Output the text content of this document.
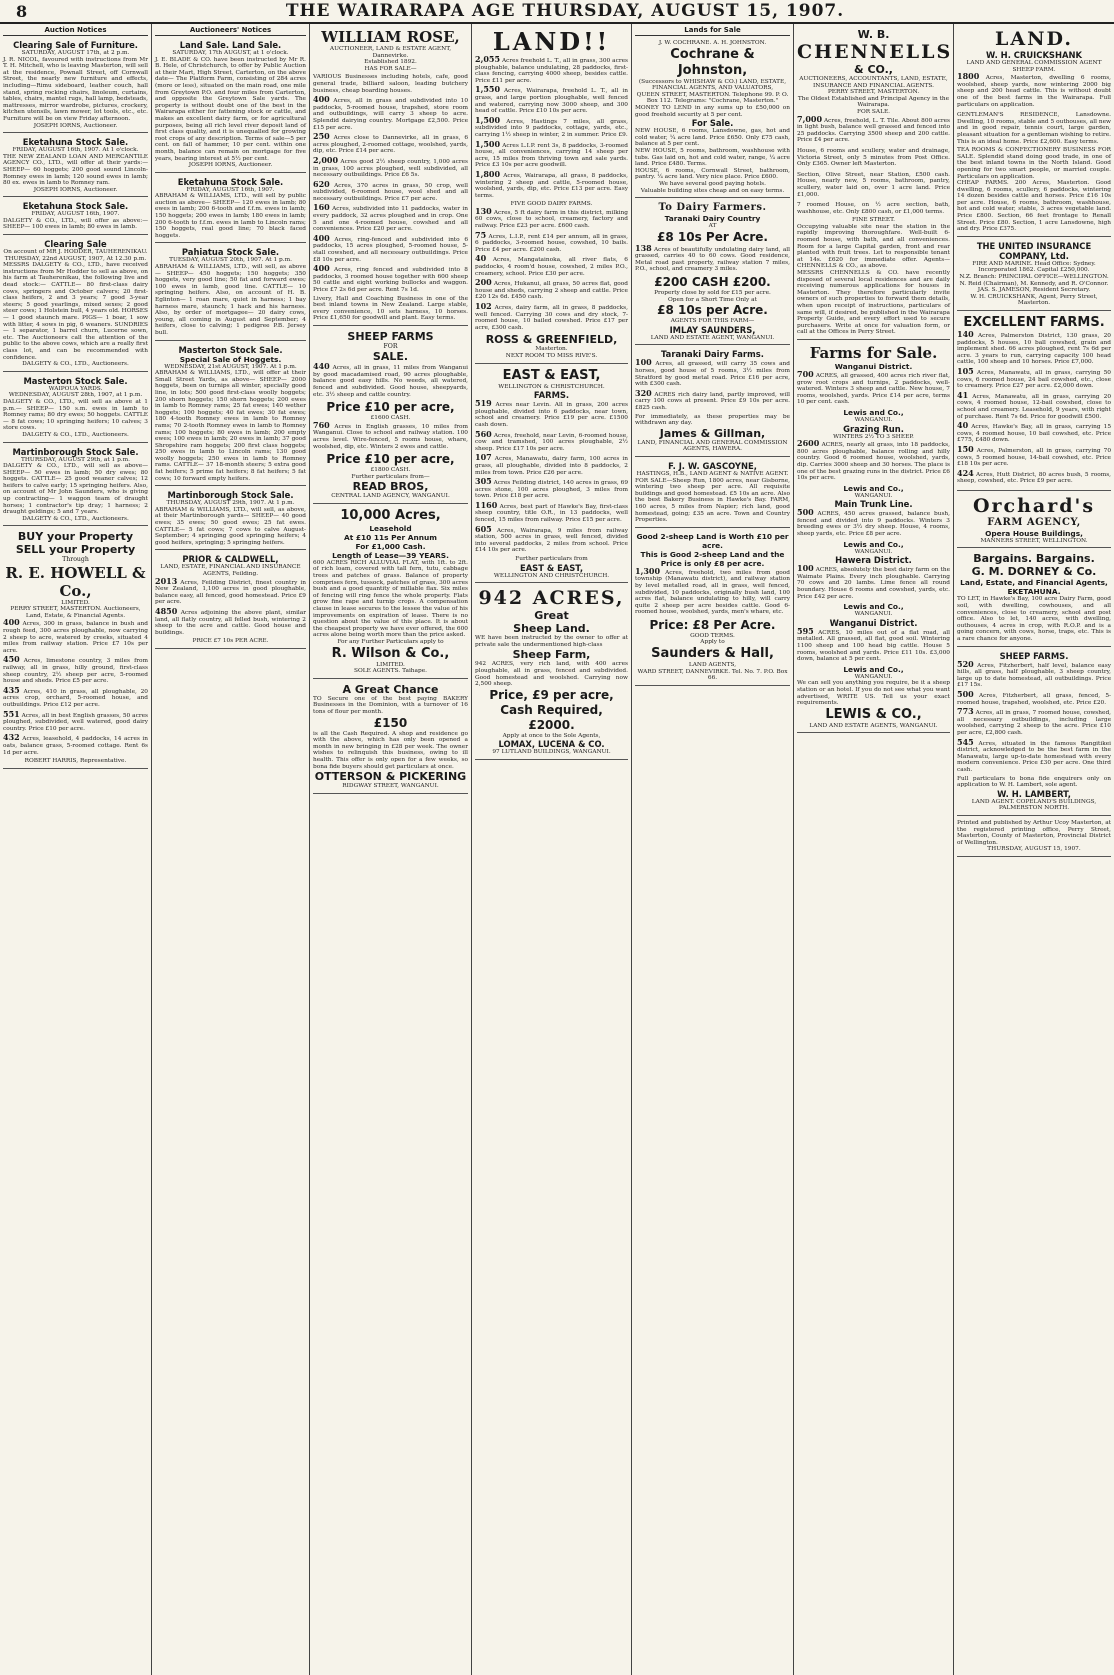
8	THE WAIRARAPA AGE THURSDAY, AUGUST 15, 1907.
Auction Notices
Clearing Sale of Furniture.
SATURDAY, AUGUST 17th, at 2 p.m.
J. R. NICOL, favoured with instructions from Mr T. H. Mitchell, who is leaving Masterton, will sell at the residence, Pownall Street, off Cornwall Street, the nearly new furniture and effects, including—Rimu sideboard, leather couch, hall stand, spring rocking chairs, linoleum, curtains, tables, chairs, mantel rugs, hall lamp, bedsteads, mattresses, mirror wardrobe, pictures, crockery, kitchen utensils, lawn mower, lot tools, etc., etc. Furniture will be on view Friday afternoon.
JOSEPH IORNS, Auctioneer.
Eketahuna Stock Sale.
FRIDAY, AUGUST 16th, 1907. At 1 o'clock.
THE NEW ZEALAND LOAN AND MERCANTILE AGENCY CO., LTD., will offer at their yards:— SHEEP— 60 hoggets; 200 good sound Lincoln-Romney ewes in lamb; 120 sound ewes in lamb; 80 ex. ewes in lamb to Romney ram.
JOSEPH IORNS, Auctioneer.
Eketahuna Stock Sale.
FRIDAY, AUGUST 16th, 1907.
DALGETY & CO., LTD., will offer as above:— SHEEP— 100 ewes in lamb; 80 ewes in lamb.
Clearing Sale
On account of MR J. HODDER, TAUHERENIKAU.
THURSDAY, 22nd AUGUST, 1907, At 12.30 p.m.
MESSRS DALGETY & CO., LTD., have received instructions from Mr Hodder to sell as above, on his farm at Tauherenikau, the following live and dead stock:— CATTLE— 80 first-class dairy cows, springers and October calvers; 20 first-class heifers, 2 and 3 years; 7 good 3-year steers; 5 good yearlings, mixed sexes; 2 good steer cows; 1 Holstein bull, 4 years old. HORSES— 1 good staunch mare. PIGS— 1 boar, 1 sow with litter, 4 sows in pig, 6 weaners. SUNDRIES— 1 separator, 1 barrel churn, Lucerne sown, etc. The Auctioneers call the attention of the public to the above cows, which are a really first class lot, and can be recommended with confidence.
DALGETY & CO., LTD., Auctioneers.
Masterton Stock Sale.
WAIPOUA YARDS.
WEDNESDAY, AUGUST 28th, 1907, at 1 p.m.
DALGETY & CO., LTD., will sell as above at 1 p.m.— SHEEP— 150 s.m. ewes in lamb to Romney rams; 80 dry ewes; 50 hoggets. CATTLE— 8 fat cows; 10 springing heifers; 10 calves; 3 store cows.
DALGETY & CO., LTD., Auctioneers.
Martinborough Stock Sale.
THURSDAY, AUGUST 29th, at 1 p.m.
DALGETY & CO., LTD., will sell as above— SHEEP— 50 ewes in lamb; 50 dry ewes; 80 hoggets. CATTLE— 25 good weaner calves; 12 heifers to calve early; 15 springing heifers. Also, on account of Mr John Saunders, who is giving up contracting— 1 waggon team of draught horses; 1 contractor's tip dray; 1 harness; 2 draught geldings; 5 and 7 years.
DALGETY & CO., LTD., Auctioneers.
BUY your Property SELL your Property
Through
R. E. HOWELL & Co.,
LIMITED.
PERRY STREET, MASTERTON. Auctioneers, Land, Estate, & Financial Agents.
400 Acres, 300 in grass, balance in bush and rough feed, 300 acres ploughable, now carrying 2 sheep to acre, watered by creeks, situated 4 miles from railway station. Price £7 10s per acre.
450 Acres, limestone country, 3 miles from railway, all in grass, hilly ground, first-class sheep country, 2½ sheep per acre, 5-roomed house and sheds. Price £5 per acre.
435 Acres, 410 in grass, all ploughable, 20 acres crop, orchard, 5-roomed house, and outbuildings. Price £12 per acre.
551 Acres, all in best English grasses, 50 acres ploughed, subdivided, well watered, good dairy country. Price £10 per acre.
432 Acres, leasehold, 4 paddocks, 14 acres in oats, balance grass, 5-roomed cottage. Rent 6s 1d per acre.
ROBERT HARRIS, Representative.
Auctioneers' Notices
Land Sale. Land Sale.
SATURDAY, 17th AUGUST, at 1 o'clock.
J. E. BLADE & CO. have been instructed by Mr R. B. Hele, of Christchurch, to offer by Public Auction at their Mart, High Street, Carterton, on the above date— The Platform Farm, consisting of 284 acres (more or less), situated on the main road, one mile from Greytown P.O. and four miles from Carterton, and opposite the Greytown Sale yards. The property is without doubt one of the best in the Wairarapa either for fattening stock or cattle, and makes an excellent dairy farm, or for agricultural purposes, being all rich level river deposit land of first class quality, and it is unequalled for growing root crops of any description. Terms of sale—5 per cent. on fall of hammer, 10 per cent. within one month, balance can remain on mortgage for five years, bearing interest at 5½ per cent.
JOSEPH IORNS, Auctioneer.
Eketahuna Stock Sale.
FRIDAY, AUGUST 16th, 1907.
ABRAHAM & WILLIAMS, LTD., will sell by public auction as above— SHEEP— 120 ewes in lamb; 80 ewes in lamb; 200 6-tooth and f.f.m. ewes in lamb; 150 hoggets; 200 ewes in lamb; 180 ewes in lamb; 200 6-tooth to f.f.m. ewes in lamb to Lincoln rams; 150 hoggets, real good line; 70 black faced hoggets.
Pahiatua Stock Sale.
TUESDAY, AUGUST 20th, 1907. At 1 p.m.
ABRAHAM & WILLIAMS, LTD., will sell, as above— SHEEP— 450 hoggets; 150 hoggets; 350 hoggets, very good line; 50 fat and forward ewes; 100 ewes in lamb, good line. CATTLE— 10 springing heifers. Also, on account of H. B. Eglinton— 1 roan mare, quiet in harness; 1 bay harness mare, staunch; 1 hack and his harness. Also, by order of mortgagee— 20 dairy cows, young, all coming in August and September; 4 heifers, close to calving; 1 pedigree P.B. Jersey bull.
Masterton Stock Sale.
Special Sale of Hoggets.
WEDNESDAY, 21st AUGUST, 1907. At 1 p.m.
ABRAHAM & WILLIAMS, LTD., will offer at their Small Street Yards, as above— SHEEP— 2000 hoggets, been on turnips all winter, specially good line, in lots; 500 good first-class woolly hoggets; 200 shorn hoggets; 150 shorn hoggets; 200 ewes in lamb to Romney rams; 25 fat ewes; 140 wether hoggets; 100 hoggets; 40 fat ewes; 30 fat ewes; 180 4-tooth Romney ewes in lamb to Romney rams; 70 2-tooth Romney ewes in lamb to Romney rams; 100 hoggets; 80 ewes in lamb; 200 empty ewes; 100 ewes in lamb; 20 ewes in lamb; 37 good Shropshire ram hoggets; 200 first class hoggets; 250 ewes in lamb to Lincoln rams; 130 good woolly hoggets; 250 ewes in lamb to Romney rams. CATTLE— 37 18-month steers; 5 extra good fat heifers; 5 prime fat heifers; 8 fat heifers; 5 fat cows; 10 forward empty heifers.
Martinborough Stock Sale.
THURSDAY, AUGUST 29th, 1907. At 1 p.m.
ABRAHAM & WILLIAMS, LTD., will sell, as above, at their Martinborough yards— SHEEP— 40 good ewes; 35 ewes; 50 good ewes; 25 fat ewes. CATTLE— 5 fat cows; 7 cows to calve August-September; 4 springing good springing heifers; 4 good heifers, springing; 5 springing heifers.
PRIOR & CALDWELL,
LAND, ESTATE, FINANCIAL AND INSURANCE AGENTS, Feilding.
2013 Acres, Feilding District, finest country in New Zealand, 1,100 acres in good ploughable, balance easy, all fenced, good homestead. Price £9 per acre.
4850 Acres adjoining the above plant, similar land, all flatly country, all felled bush, wintering 2 sheep to the acre and cattle. Good house and buildings.
PRICE £7 10s PER ACRE.
WILLIAM ROSE,
AUCTIONEER, LAND & ESTATE AGENT, Dannevirke.
Established 1892.
HAS FOR SALE—
VARIOUS Businesses including hotels, cafe, good general trade, billiard saloon, leading butchery business, cheap boarding houses.
400 Acres, all in grass and subdivided into 10 paddocks, 5-roomed house, trapshed, store room and outbuildings, will carry 3 sheep to acre. Splendid dairying country. Mortgage £2,500. Price £15 per acre.
250 Acres close to Dannevirke, all in grass, 6 acres ploughed, 2-roomed cottage, woolshed, yards, dip, etc. Price £14 per acre.
2,000 Acres good 2½ sheep country, 1,000 acres in grass, 100 acres ploughed, well subdivided, all necessary outbuildings. Price £6 5s.
620 Acres, 370 acres in grass, 50 crop, well subdivided, 6-roomed house, wool shed and all necessary outbuildings. Price £7 per acre.
160 Acres, subdivided into 11 paddocks, water in every paddock, 32 acres ploughed and in crop. One 5 and one 4-roomed house, cowshed and all conveniences. Price £20 per acre.
400 Acres, ring-fenced and subdivided into 6 paddocks, 15 acres ploughed, 5-roomed house, 5-stall cowshed, and all necessary outbuildings. Price £8 10s per acre.
400 Acres, ring fenced and subdivided into 8 paddocks, 3 roomed house together with 600 sheep 50 cattle and eight working bullocks and waggon. Price £7 2s 6d per acre. Rent 7s 1d.
Livery, Hall and Coaching Business in one of the best inland towns in New Zealand. Large stable, every convenience, 10 sets harness, 10 horses. Price £1,650 for goodwill and plant. Easy terms.
SHEEP FARMS
FOR
SALE.
440 Acres, all in grass, 11 miles from Wanganui by good macadamised road, 90 acres ploughable, balance good easy hills. No weeds, all watered, fenced and subdivided. Good house, sheepyards, etc. 3½ sheep and cattle country.
Price £10 per acre,
£1600 CASH.
760 Acres in English grasses, 10 miles from Wanganui. Close to school and railway station. 100 acres level. Wire-fenced, 5 rooms house, whare, woolshed, dip, etc. Winters 2 ewes and cattle.
Price £10 per acre,
£1800 CASH.
Further particulars from—
READ BROS,
CENTRAL LAND AGENCY, WANGANUI.
10,000 Acres,
Leasehold
At £10 11s Per Annum
For £1,000 Cash.
Length of Lease—39 YEARS.
600 ACRES RICH ALLUVIAL FLAT, with 1ft. to 2ft. of rich loam, covered with tall fern, tutu, cabbage trees and patches of grass. Balance of property comprises fern, tussock, patches of grass, 300 acres bush and a good quantity of millable flax. Six miles of fencing will ring fence the whole property. Flats grow fine rape and turnip crops. A compensation clause in lease secures to the lessee the value of his improvements on expiration of lease. There is no question about the value of this place. It is about the cheapest property we have ever offered, the 600 acres alone being worth more than the price asked.
For any Further Particulars apply to
R. Wilson & Co.,
LIMITED.
SOLE AGENTS. Taihape.
A Great Chance
TO Secure one of the best paying BAKERY Businesses in the Dominion, with a turnover of 16 tons of flour per month.
£150
is all the Cash Required. A shop and residence go with the above, which has only been opened a month in new bringing in £28 per week. The owner wishes to relinquish this business, owing to ill health. This offer is only open for a few weeks, so bona fide buyers should get particulars at once.
OTTERSON & PICKERING
RIDGWAY STREET, WANGANUI.
LAND!!
2,055 Acres freehold L. T., all in grass, 300 acres ploughable, balance undulating, 28 paddocks, first-class fencing, carrying 4000 sheep, besides cattle. Price £11 per acre.
1,550 Acres, Wairarapa, freehold L. T., all in grass, and large portion ploughable, well fenced and watered, carrying now 3000 sheep, and 300 head of cattle. Price £10 10s per acre.
1,500 Acres, Hastings 7 miles, all grass, subdivided into 9 paddocks, cottage, yards, etc., carrying 1½ sheep in winter, 2 in summer. Price £9.
1,500 Acres L.I.P. rent 3s, 8 paddocks, 3-roomed house, all conveniences, carrying 14 sheep per acre, 15 miles from thriving town and sale yards. Price £3 10s per acre goodwill.
1,800 Acres, Wairarapa, all grass, 8 paddocks, wintering 2 sheep and cattle, 5-roomed house, woolshed, yards, dip, etc. Price £13 per acre. Easy terms.
FIVE GOOD DAIRY FARMS.
130 Acres, 5 ft dairy farm in this district, milking 60 cows, close to school, creamery, factory and railway. Price £23 per acre. £600 cash.
75 Acres, L.I.P., rent £14 per annum, all in grass, 6 paddocks, 3-roomed house, cowshed, 10 bails. Price £4 per acre. £200 cash.
40 Acres, Mangatainoka, all river flats, 6 paddocks, 4 room'd house, cowshed, 2 miles P.O., creamery, school. Price £30 per acre.
200 Acres, Hukanui, all grass, 50 acres flat, good house and sheds, carrying 2 sheep and cattle. Price £20 12s 6d. £450 cash.
102 Acres, dairy farm, all in grass, 8 paddocks, well fenced. Carrying 30 cows and dry stock, 7-roomed house, 10 bailed cowshed. Price £17 per acre, £300 cash.
ROSS & GREENFIELD,
Masterton.
NEXT ROOM TO MISS RIVE'S.
EAST & EAST,
WELLINGTON & CHRISTCHURCH.
FARMS.
519 Acres near Levin. All in grass, 200 acres ploughable, divided into 6 paddocks, near town, school and creamery. Price £19 per acre. £1500 cash down.
560 Acres, freehold, near Levin, 6-roomed house, cow and tramshed, 100 acres ploughable, 2½ sheep. Price £17 10s per acre.
107 Acres, Manawatu, dairy farm, 100 acres in grass, all ploughable, divided into 8 paddocks, 2 miles from town. Price £26 per acre.
305 Acres Feilding district, 140 acres in grass, 69 acres stone, 100 acres ploughed, 3 miles from town. Price £18 per acre.
1160 Acres, best part of Hawke's Bay, first-class sheep country, title O.R., in 13 paddocks, well fenced, 15 miles from railway. Price £15 per acre.
605 Acres, Wairarapa, 9 miles from railway station, 500 acres in grass, well fenced, divided into several paddocks, 2 miles from school. Price £14 10s per acre.
Further particulars from
EAST & EAST,
WELLINGTON AND CHRISTCHURCH.
942 ACRES,
Great
Sheep Land.
WE have been instructed by the owner to offer at private sale the undermentioned high-class
Sheep Farm,
942 ACRES, very rich land, with 400 acres ploughable, all in grass, fenced and subdivided. Good homestead and woolshed. Carrying now 2,500 sheep.
Price, £9 per acre,
Cash Required,
£2000.
Apply at once to the Sole Agents,
LOMAX, LUCENA & CO.
97 LUTLAND BUILDINGS, WANGANUI.
Lands for Sale
J. W. COCHRANE. A. H. JOHNSTON.
Cochrane & Johnston,
(Successors to WHISHAW & CO.) LAND, ESTATE, FINANCIAL AGENTS, AND VALUATORS,
QUEEN STREET, MASTERTON. Telephone 99. P. O. Box 112. Telegrams: "Cochrane, Masterton."
MONEY TO LEND in any sums up to £50,000 on good freehold security at 5 per cent.
For Sale.
NEW HOUSE, 6 rooms, Lansdowne, gas, hot and cold water, ¼ acre land. Price £650. Only £75 cash, balance at 5 per cent.
NEW HOUSE, 5 rooms, bathroom, washhouse with tubs. Gas laid on, hot and cold water, range, ¼ acre land. Price £480. Terms.
HOUSE, 6 rooms, Cornwall Street, bathroom, pantry. ¼ acre land. Very nice place. Price £600.
We have several good paying hotels.
Valuable building sites cheap and on easy terms.
To Dairy Farmers.
Taranaki Dairy Country
AT
£8 10s Per Acre.
138 Acres of beautifully undulating dairy land, all grassed, carries 40 to 60 cows. Good residence, Metal road past property, railway station 7 miles, P.O., school, and creamery 3 miles.
£200 CASH £200.
Property close by sold for £15 per acre.
Open for a Short Time Only at
£8 10s per Acre.
AGENTS FOR THIS FARM—
IMLAY SAUNDERS,
LAND AND ESTATE AGENT, WANGANUI.
Taranaki Dairy Farms.
100 Acres, all grassed, will carry 35 cows and horses, good house of 5 rooms, 3½ miles from Stratford by good metal road. Price £16 per acre, with £300 cash.
320 ACRES rich dairy land, partly improved, will carry 100 cows at present. Price £9 10s per acre. £825 cash.
For immediately, as these properties may be withdrawn any day.
James & Gillman,
LAND, FINANCIAL AND GENERAL COMMISSION AGENTS, HAWERA.
F. J. W. GASCOYNE,
HASTINGS, H.B., LAND AGENT & NATIVE AGENT.
FOR SALE—Sheep Run, 1800 acres, near Gisborne, wintering two sheep per acre. All requisite buildings and good homestead. £5 10s an acre. Also the best Bakery Business in Hawke's Bay. FARM, 160 acres, 5 miles from Napier; rich land, good homestead, going; £35 an acre. Town and Country Properties.
Good 2-sheep Land is Worth £10 per acre.
This is Good 2-sheep Land and the Price is only £8 per acre.
1,300 Acres, freehold, two miles from good township (Manawatu district), and railway station by level metalled road, all in grass, well fenced, subdivided, 10 paddocks, originally bush land, 100 acres flat, balance undulating to hilly, will carry quite 2 sheep per acre besides cattle. Good 6-roomed house, woolshed, yards, men's whare, etc.
Price: £8 Per Acre.
GOOD TERMS.
Apply to
Saunders & Hall,
LAND AGENTS,
WARD STREET, DANNEVIRKE. Tel. No. 7. P.O. Box 66.
W. B.
CHENNELLS
& CO.,
AUCTIONEERS, ACCOUNTANTS, LAND, ESTATE, INSURANCE AND FINANCIAL AGENTS.
PERRY STREET, MASTERTON.
The Oldest Established and Principal Agency in the Wairarapa.
FOR SALE.
7,000 Acres, freehold, L. T. Tile. About 800 acres in light bush, balance well grassed and fenced into 25 paddocks. Carrying 3500 sheep and 200 cattle. Price £4 per acre.
House, 6 rooms and scullery, water and drainage, Victoria Street, only 5 minutes from Post Office. Only £365. Owner left Masterton.
Section, Olive Street, near Station, £500 cash. House, nearly new, 5 rooms, bathroom, pantry, scullery, water laid on, over 1 acre land. Price £1,000.
7 roomed House, on ½ acre section, bath, washhouse, etc. Only £800 cash, or £1,000 terms.
FINE STREET.
Occupying valuable site near the station in the rapidly improving thoroughfare. Well-built 6-roomed house, with bath, and all conveniences. Room for a large Capital garden, front and rear planted with fruit trees. Let to responsible tenant at 14s. £620 for immediate offer. Agents—CHENNELLS & CO., as above.
MESSRS CHENNELLS & CO. have recently disposed of several local residences and are daily receiving numerous applications for houses in Masterton. They therefore particularly invite owners of such properties to forward them details, when upon receipt of instructions, particulars of same will, if desired, be published in the Wairarapa Property Guide, and every effort used to secure purchasers. Write at once for valuation form, or call at the Offices in Perry Street.
Farms for Sale.
Wanganui District.
700 ACRES, all grassed, 400 acres rich river flat, grow root crops and turnips, 2 paddocks, well-watered. Winters 3 sheep and cattle. New house, 7 rooms, woolshed, yards. Price £14 per acre, terms 10 per cent. cash.
Lewis and Co.,
WANGANUI.
Grazing Run.
WINTERS 2½ TO 3 SHEEP.
2600 ACRES, nearly all grass, into 18 paddocks, 800 acres ploughable, balance rolling and hilly country. Good 6 roomed house, woolshed, yards, dip. Carries 3000 sheep and 30 horses. The place is one of the best grazing runs in the district. Price £6 10s per acre.
Lewis and Co.,
WANGANUI.
Main Trunk Line.
500 ACRES, 450 acres grassed, balance bush, fenced and divided into 9 paddocks. Winters 3 breeding ewes or 3½ dry sheep. House, 4 rooms, sheep yards, etc. Price £8 per acre.
Lewis and Co.,
WANGANUI.
Hawera District.
100 ACRES, absolutely the best dairy farm on the Waimate Plains. Every inch ploughable. Carrying 70 cows and 20 lambs. Lime fence all round boundary. House 6 rooms and cowshed, yards, etc. Price £42 per acre.
Lewis and Co.,
WANGANUI.
Wanganui District.
595 ACRES, 10 miles out of a flat road, all metalled. All grassed, all flat, good soil. Wintering 1100 sheep and 100 head big cattle. House 5 rooms, woolshed and yards. Price £11 10s. £3,000 down, balance at 5 per cent.
Lewis and Co.,
WANGANUI.
We can sell you anything you require, be it a sheep station or an hotel. If you do not see what you want advertised, WRITE US. Tell us your exact requirements.
LEWIS & CO.,
LAND AND ESTATE AGENTS, WANGANUI.
LAND.
W. H. CRUICKSHANK
LAND AND GENERAL COMMISSION AGENT
SHEEP FARM.
1800 Acres, Masterton, dwelling 6 rooms, woolshed, sheep yards, now wintering 2000 big sheep and 200 head cattle. This is without doubt one of the best farms in the Wairarapa. Full particulars on application.
GENTLEMAN'S RESIDENCE, Lansdowne. Dwelling, 10 rooms, stable and 5 outhouses, all new and in good repair, tennis court, large garden, pleasant situation for a gentleman wishing to retire. This is an ideal home. Price £2,600. Easy terms.
TEA ROOMS & CONFECTIONERY BUSINESS FOR SALE. Splendid stand doing good trade, in one of the best inland towns in the North Island. Good opening for two smart people, or married couple. Particulars on application.
CHEAP FARMS. 200 Acres, Masterton. Good dwelling, 6 rooms, scullery, 6 paddocks, wintering 14 dozen besides cattle and horses. Price £16 10s per acre. House, 6 rooms, bathroom, washhouse, hot and cold water, stable, 3 acres vegetable land. Price £800. Section, 66 feet frontage to Renall Street. Price £80. Section, 1 acre Lansdowne, high and dry. Price £375.
THE UNITED INSURANCE COMPANY, Ltd.
FIRE AND MARINE. Head Office: Sydney. Incorporated 1862. Capital £250,000.
N.Z. Branch: PRINCIPAL OFFICE—WELLINGTON.
N. Reid (Chairman), M. Kennedy, and R. O'Connor. JAS. S. JAMESON, Resident Secretary.
W. H. CRUICKSHANK, Agent, Perry Street, Masterton.
EXCELLENT FARMS.
140 Acres, Palmerston District, 130 grass, 20 paddocks, 5 houses, 10 ball cowshed, grain and implement shed. 66 acres ploughed, rent 7s 6d per acre. 3 years to run, carrying capacity 100 head cattle, 100 sheep and 10 horses. Price £7,000.
105 Acres, Manawatu, all in grass, carrying 50 cows, 6 roomed house, 24 bail cowshed, etc., close to creamery. Price £27 per acre. £2,000 down.
41 Acres, Manawatu, all in grass, carrying 20 cows, 4 roomed house, 12-bail cowshed, close to school and creamery. Leasehold, 9 years, with right of purchase. Rent 7s 6d. Price for goodwill £500.
40 Acres, Hawke's Bay, all in grass, carrying 15 cows, 4 roomed house, 10 bail cowshed, etc. Price £775, £480 down.
150 Acres, Palmerston, all in grass, carrying 70 cows, 5 roomed house, 14-bail cowshed, etc. Price £18 10s per acre.
424 Acres, Hutt District, 80 acres bush, 5 rooms, sheep, cowshed, etc. Price £9 per acre.
Orchard's
FARM AGENCY,
Opera House Buildings,
MANNERS STREET, WELLINGTON.
Bargains. Bargains.
G. M. DORNEY & Co.
Land, Estate, and Financial Agents,
EKETAHUNA.
TO LET, in Hawke's Bay, 100 acre Dairy Farm, good soil, with dwelling, cowhouses, and all conveniences, close to creamery, school and post office. Also to let, 140 acres, with dwelling, outhouses, 4 acres in crop, with R.O.P. and is a going concern, with cows, horse, traps, etc. This is a rare chance for anyone.
SHEEP FARMS.
520 Acres, Fitzherbert, half level, balance easy hills, all grass, half ploughable, 3 sheep country, large up to date homestead, all outbuildings. Price £17 15s.
500 Acres, Fitzherbert, all grass, fenced, 5-roomed house, trapshed, woolshed, etc. Price £20.
773 Acres, all in grass, 7 roomed house, cowshed, all necessary outbuildings, including large woolshed, carrying 2 sheep to the acre. Price £10 per acre, £2,800 cash.
545 Acres, situated in the famous Rangitikei district, acknowledged to be the best farm in the Manawatu, large up-to-date homestead with every modern convenience. Price £30 per acre. One third cash.
Full particulars to bona fide enquirers only on application to W. H. Lambert, sole agent.
W. H. LAMBERT,
LAND AGENT. COPELAND'S BUILDINGS, PALMERSTON NORTH.
Printed and published by Arthur Ucoy Masterton, at the registered printing office, Perry Street, Masterton, County of Masterton, Provincial District of Wellington.
THURSDAY, AUGUST 15, 1907.
